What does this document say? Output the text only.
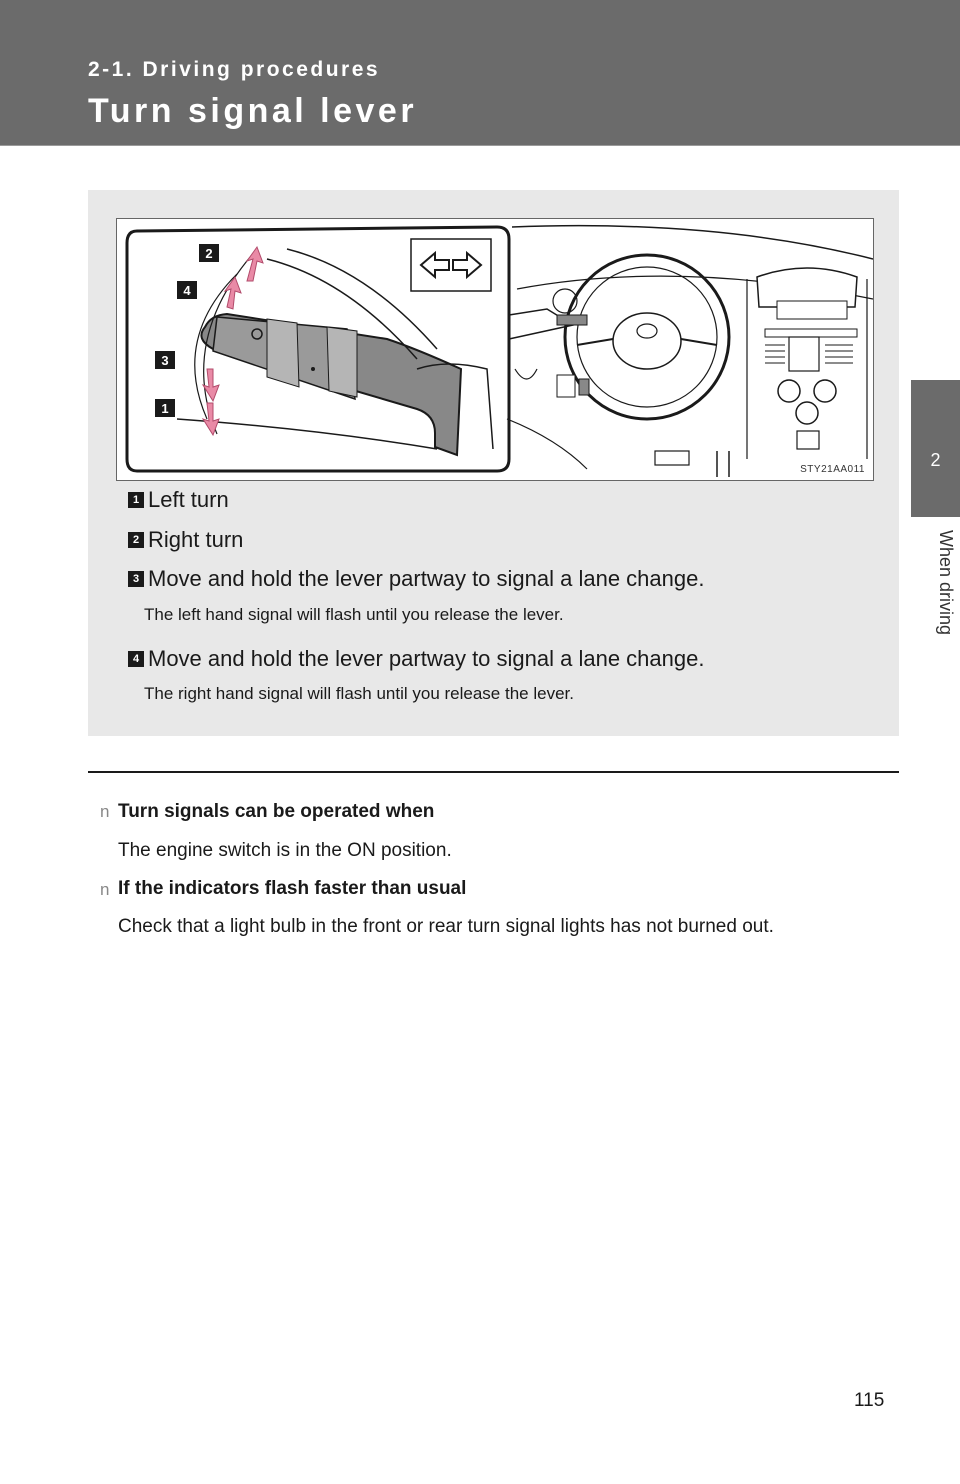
2-1. Driving procedures
Turn signal lever
2
When driving
2
4
3
1
STY21AA011
1 Left turn
2 Right turn
3 Move and hold the lever partway to signal a lane change.
The left hand signal will flash until you release the lever.
4 Move and hold the lever partway to signal a lane change.
The right hand signal will flash until you release the lever.
n Turn signals can be operated when
The engine switch is in the ON position.
n If the indicators flash faster than usual
Check that a light bulb in the front or rear turn signal lights has not burned out.
115
